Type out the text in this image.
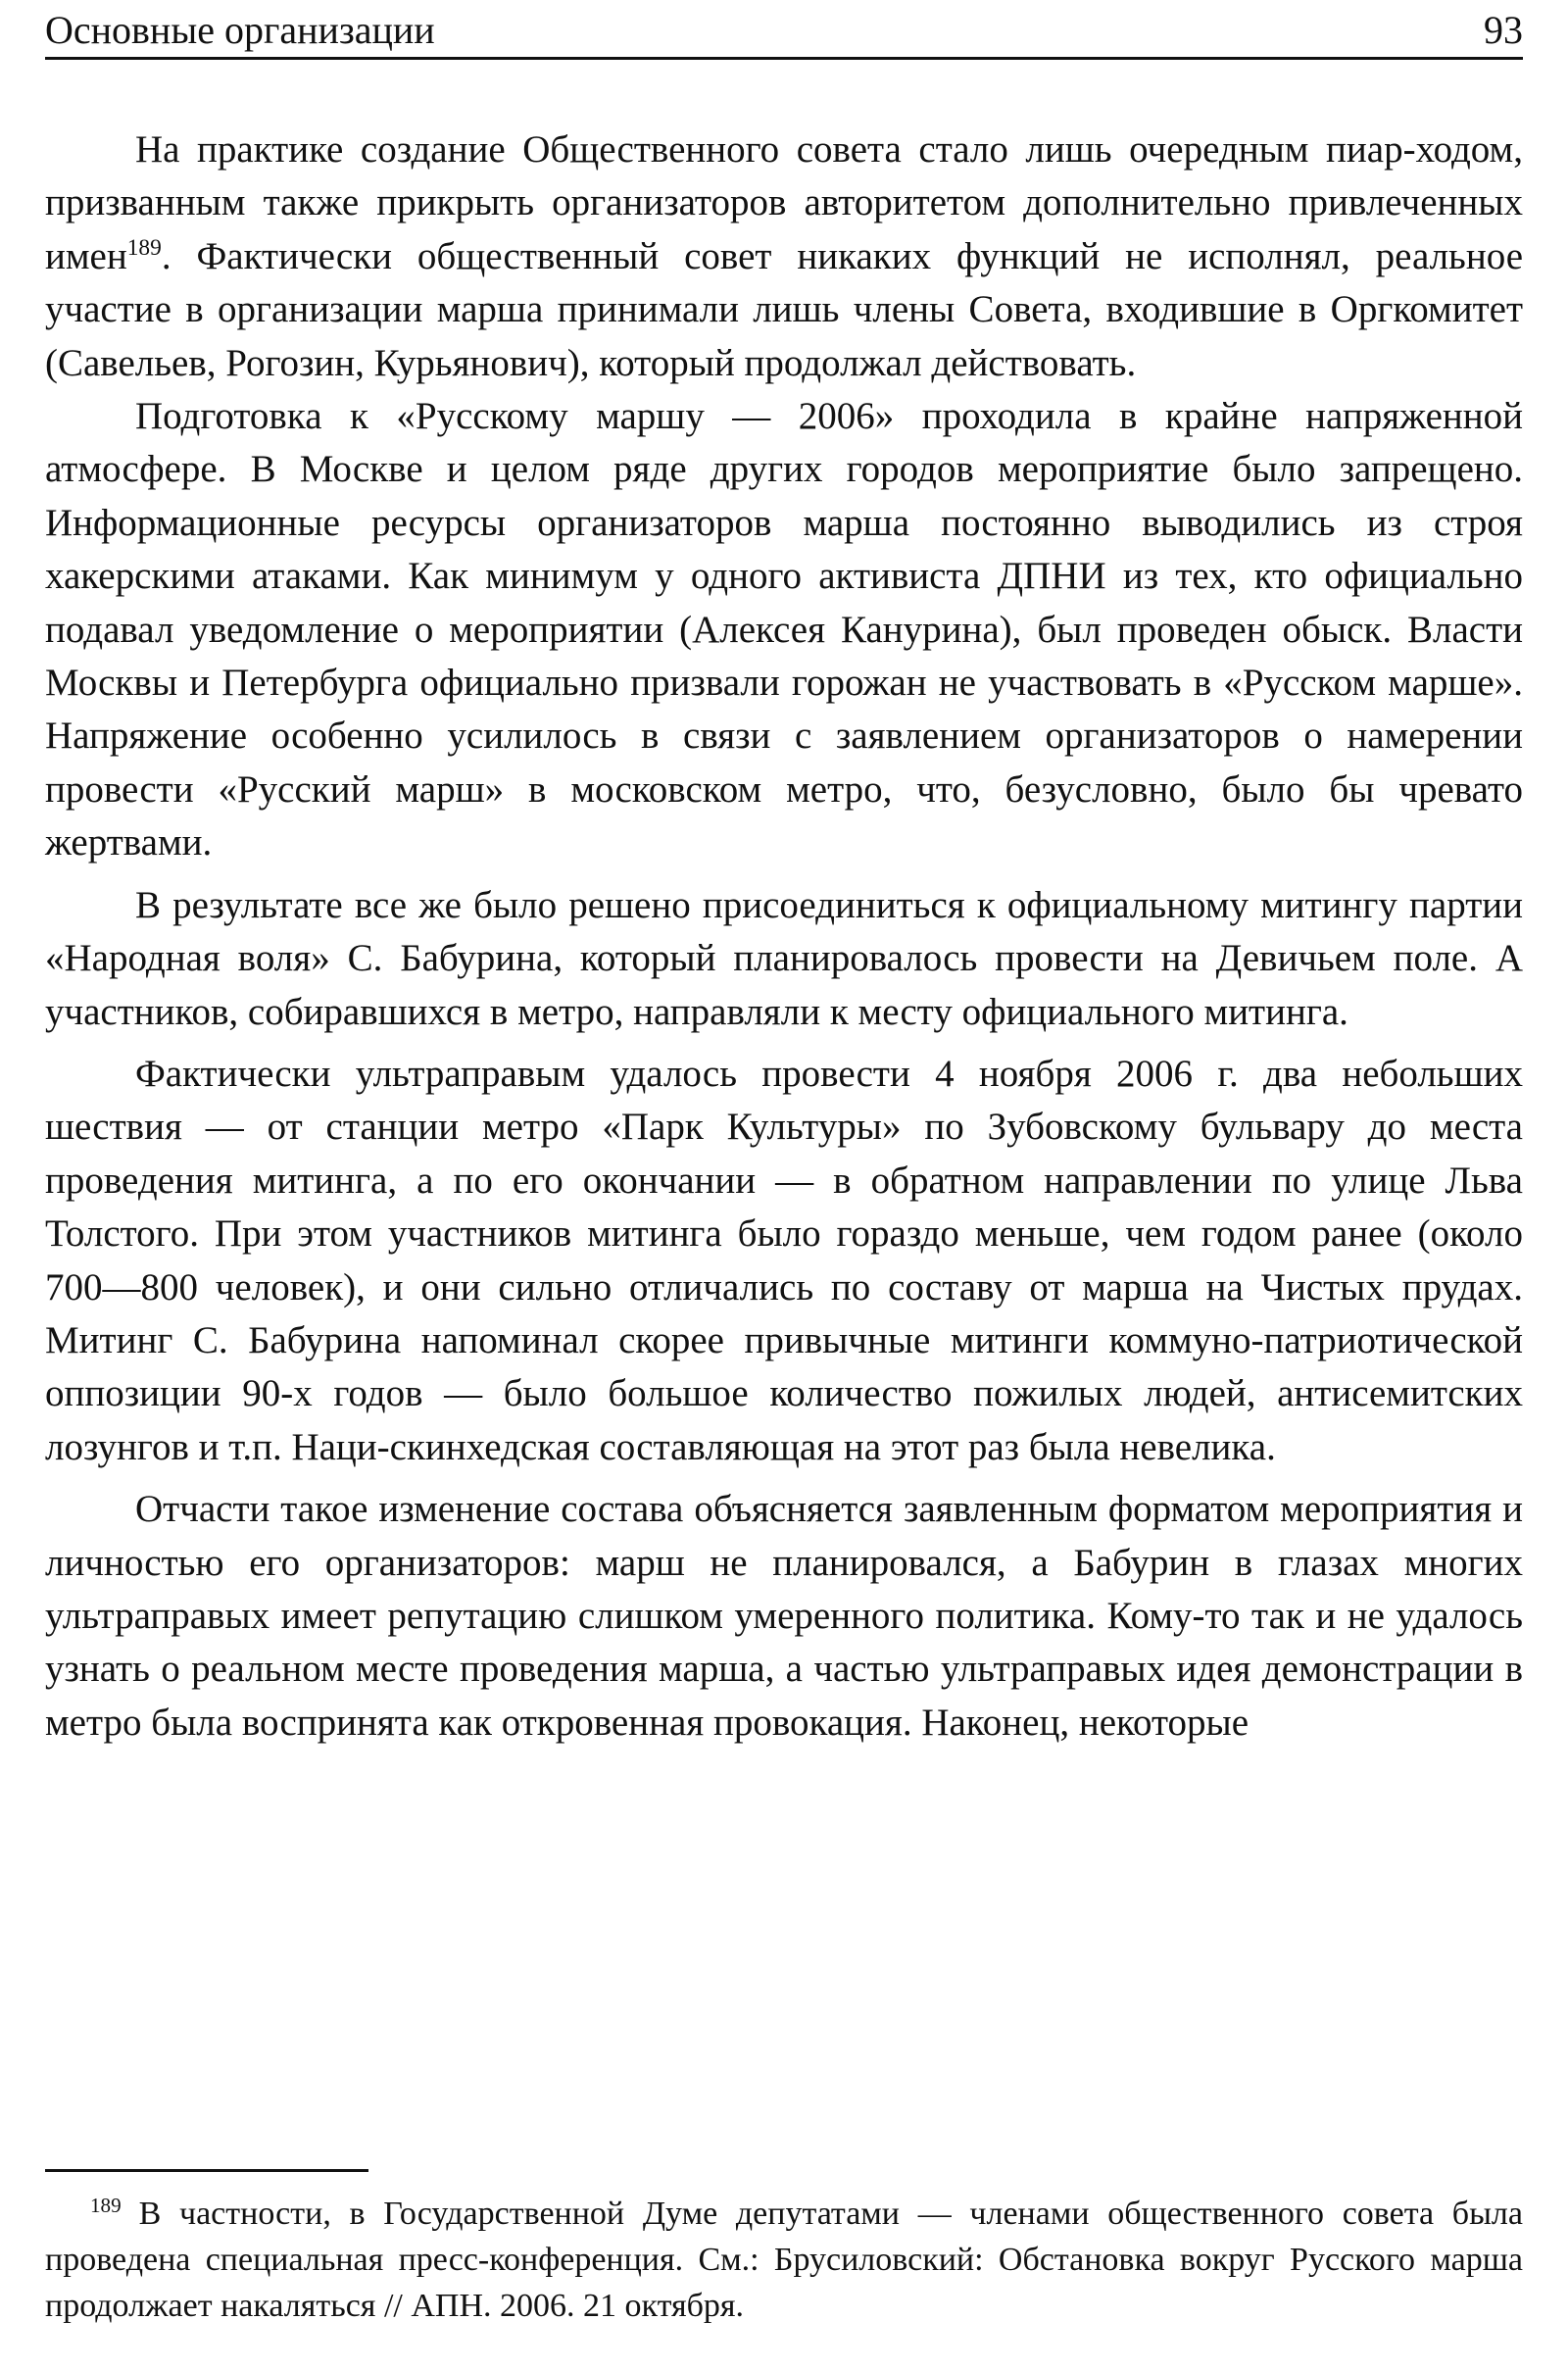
Основные организации	93

На практике создание Общественного совета стало лишь очередным пиар-ходом, призванным также прикрыть организаторов авторитетом дополнительно привлеченных имен$^{189}$. Фактически общественный совет никаких функций не исполнял, реальное участие в организации марша принимали лишь члены Совета, входившие в Оргкомитет (Савельев, Рогозин, Курьянович), который продолжал действовать.

Подготовка к «Русскому маршу — 2006» проходила в крайне напряженной атмосфере. В Москве и целом ряде других городов мероприятие было запрещено. Информационные ресурсы организаторов марша постоянно выводились из строя хакерскими атаками. Как минимум у одного активиста ДПНИ из тех, кто официально подавал уведомление о мероприятии (Алексея Канурина), был проведен обыск. Власти Москвы и Петербурга официально призвали горожан не участвовать в «Русском марше». Напряжение особенно усилилось в связи с заявлением организаторов о намерении провести «Русский марш» в московском метро, что, безусловно, было бы чревато жертвами.

В результате все же было решено присоединиться к официальному митингу партии «Народная воля» С. Бабурина, который планировалось провести на Девичьем поле. А участников, собиравшихся в метро, направляли к месту официального митинга.

Фактически ультраправым удалось провести 4 ноября 2006 г. два небольших шествия — от станции метро «Парк Культуры» по Зубовскому бульвару до места проведения митинга, а по его окончании — в обратном направлении по улице Льва Толстого. При этом участников митинга было гораздо меньше, чем годом ранее (около 700—800 человек), и они сильно отличались по составу от марша на Чистых прудах. Митинг С. Бабурина напоминал скорее привычные митинги коммуно-патриотической оппозиции 90-х годов — было большое количество пожилых людей, антисемитских лозунгов и т.п. Наци-скинхедская составляющая на этот раз была невелика.

Отчасти такое изменение состава объясняется заявленным форматом мероприятия и личностью его организаторов: марш не планировался, а Бабурин в глазах многих ультраправых имеет репутацию слишком умеренного политика. Кому-то так и не удалось узнать о реальном месте проведения марша, а частью ультраправых идея демонстрации в метро была воспринята как откровенная провокация. Наконец, некоторые

$^{189}$ В частности, в Государственной Думе депутатами — членами общественного совета была проведена специальная пресс-конференция. См.: Брусиловский: Обстановка вокруг Русского марша продолжает накаляться // АПН. 2006. 21 октября.
